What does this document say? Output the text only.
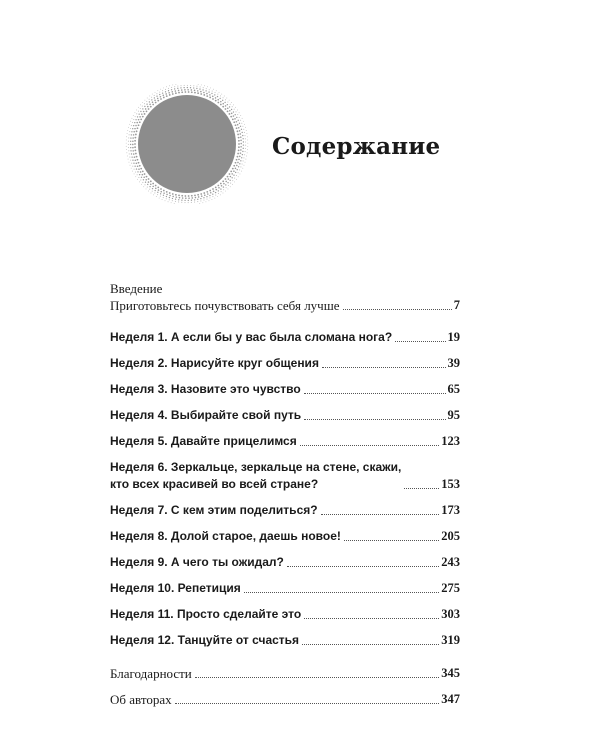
Содержание
Введение
Приготовьтесь почувствовать себя лучше	7
Неделя 1. А если бы у вас была сломана нога?	19
Неделя 2. Нарисуйте круг общения	39
Неделя 3. Назовите это чувство	65
Неделя 4. Выбирайте свой путь	95
Неделя 5. Давайте прицелимся	123
Неделя 6. Зеркальце, зеркальце на стене, скажи,
кто всех красивей во всей стране?	153
Неделя 7. С кем этим поделиться?	173
Неделя 8. Долой старое, даешь новое!	205
Неделя 9. А чего ты ожидал?	243
Неделя 10. Репетиция	275
Неделя 11. Просто сделайте это	303
Неделя 12. Танцуйте от счастья	319
Благодарности	345
Об авторах	347
